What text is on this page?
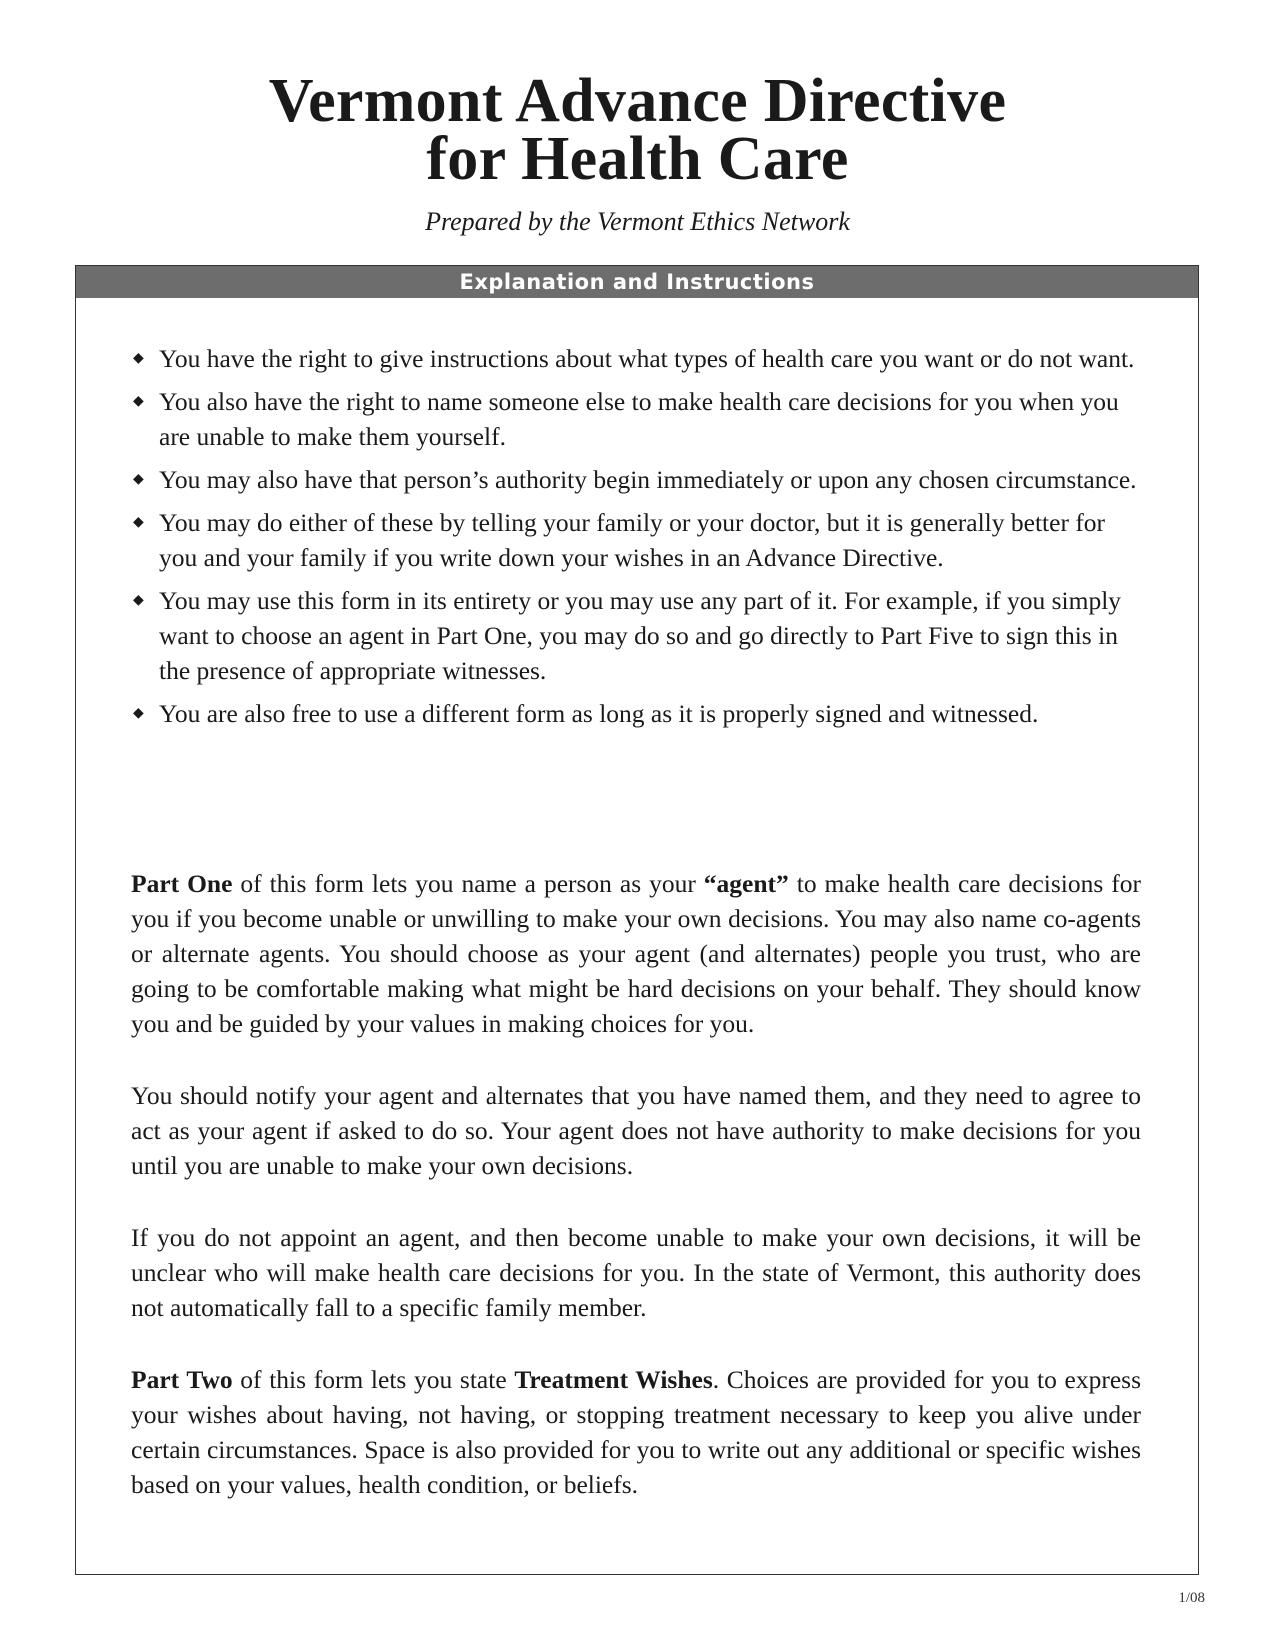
Vermont Advance Directive
for Health Care
Prepared by the Vermont Ethics Network
Explanation and Instructions
◆ You have the right to give instructions about what types of health care you want or do not want.
◆ You also have the right to name someone else to make health care decisions for you when you are unable to make them yourself.
◆ You may also have that person’s authority begin immediately or upon any chosen circumstance.
◆ You may do either of these by telling your family or your doctor, but it is generally better for you and your family if you write down your wishes in an Advance Directive.
◆ You may use this form in its entirety or you may use any part of it. For example, if you simply want to choose an agent in Part One, you may do so and go directly to Part Five to sign this in the presence of appropriate witnesses.
◆ You are also free to use a different form as long as it is properly signed and witnessed.

Part One of this form lets you name a person as your “agent” to make health care decisions for you if you become unable or unwilling to make your own decisions. You may also name co-agents or alternate agents. You should choose as your agent (and alternates) people you trust, who are going to be comfortable making what might be hard decisions on your behalf. They should know you and be guided by your values in making choices for you.

You should notify your agent and alternates that you have named them, and they need to agree to act as your agent if asked to do so. Your agent does not have authority to make decisions for you until you are unable to make your own decisions.

If you do not appoint an agent, and then become unable to make your own decisions, it will be unclear who will make health care decisions for you. In the state of Vermont, this authority does not automatically fall to a specific family member.

Part Two of this form lets you state Treatment Wishes. Choices are provided for you to express your wishes about having, not having, or stopping treatment necessary to keep you alive under certain circumstances. Space is also provided for you to write out any additional or specific wishes based on your values, health condition, or beliefs.

1/08
